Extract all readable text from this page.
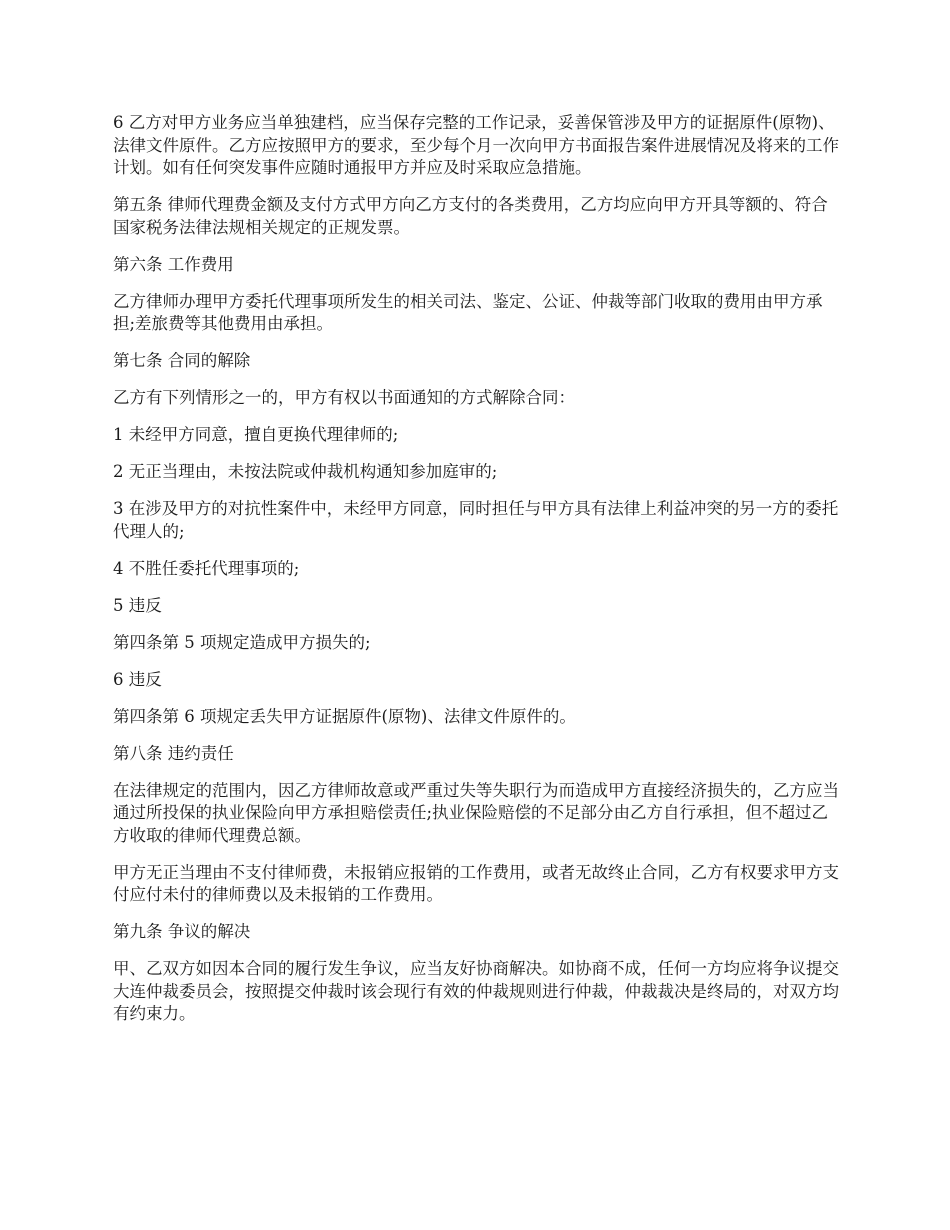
6 乙方对甲方业务应当单独建档，应当保存完整的工作记录，妥善保管涉及甲方的证据原件(原物)、法律文件原件。乙方应按照甲方的要求，至少每个月一次向甲方书面报告案件进展情况及将来的工作计划。如有任何突发事件应随时通报甲方并应及时采取应急措施。

第五条 律师代理费金额及支付方式甲方向乙方支付的各类费用，乙方均应向甲方开具等额的、符合国家税务法律法规相关规定的正规发票。

第六条 工作费用

乙方律师办理甲方委托代理事项所发生的相关司法、鉴定、公证、仲裁等部门收取的费用由甲方承担;差旅费等其他费用由承担。

第七条 合同的解除

乙方有下列情形之一的，甲方有权以书面通知的方式解除合同：

1 未经甲方同意，擅自更换代理律师的;

2 无正当理由，未按法院或仲裁机构通知参加庭审的;

3 在涉及甲方的对抗性案件中，未经甲方同意，同时担任与甲方具有法律上利益冲突的另一方的委托代理人的;

4 不胜任委托代理事项的;

5 违反

第四条第 5 项规定造成甲方损失的;

6 违反

第四条第 6 项规定丢失甲方证据原件(原物)、法律文件原件的。

第八条 违约责任

在法律规定的范围内，因乙方律师故意或严重过失等失职行为而造成甲方直接经济损失的，乙方应当通过所投保的执业保险向甲方承担赔偿责任;执业保险赔偿的不足部分由乙方自行承担，但不超过乙方收取的律师代理费总额。

甲方无正当理由不支付律师费，未报销应报销的工作费用，或者无故终止合同，乙方有权要求甲方支付应付未付的律师费以及未报销的工作费用。

第九条 争议的解决

甲、乙双方如因本合同的履行发生争议，应当友好协商解决。如协商不成，任何一方均应将争议提交大连仲裁委员会，按照提交仲裁时该会现行有效的仲裁规则进行仲裁，仲裁裁决是终局的，对双方均有约束力。
